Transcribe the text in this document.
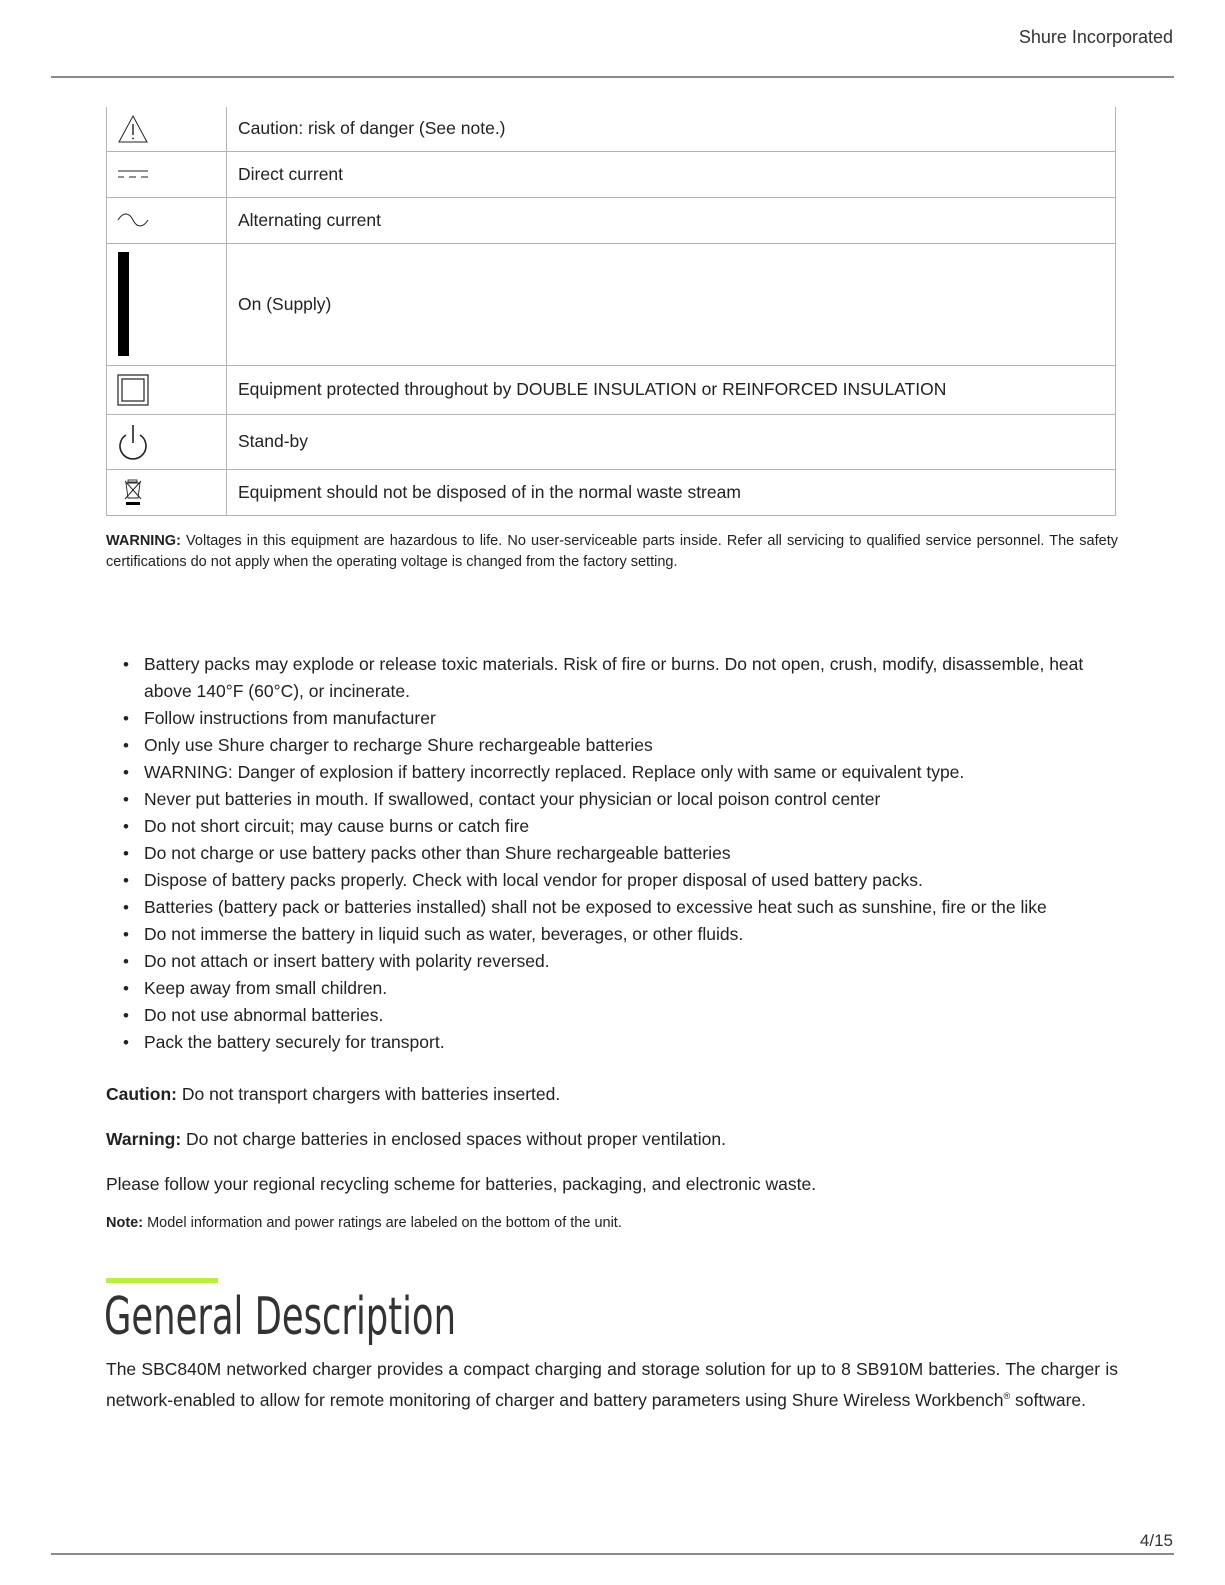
Shure Incorporated
	Caution: risk of danger (See note.)

	Direct current

	Alternating current

	On (Supply)

	Equipment protected throughout by DOUBLE INSULATION or REINFORCED INSULATION

	Stand-by

	Equipment should not be disposed of in the normal waste stream
WARNING: Voltages in this equipment are hazardous to life. No user-serviceable parts inside. Refer all servicing to qualified service personnel. The safety certifications do not apply when the operating voltage is changed from the factory setting.
• Battery packs may explode or release toxic materials. Risk of fire or burns. Do not open, crush, modify, disassemble, heat above 140°F (60°C), or incinerate.
• Follow instructions from manufacturer
• Only use Shure charger to recharge Shure rechargeable batteries
• WARNING: Danger of explosion if battery incorrectly replaced. Replace only with same or equivalent type.
• Never put batteries in mouth. If swallowed, contact your physician or local poison control center
• Do not short circuit; may cause burns or catch fire
• Do not charge or use battery packs other than Shure rechargeable batteries
• Dispose of battery packs properly. Check with local vendor for proper disposal of used battery packs.
• Batteries (battery pack or batteries installed) shall not be exposed to excessive heat such as sunshine, fire or the like
• Do not immerse the battery in liquid such as water, beverages, or other fluids.
• Do not attach or insert battery with polarity reversed.
• Keep away from small children.
• Do not use abnormal batteries.
• Pack the battery securely for transport.
Caution: Do not transport chargers with batteries inserted.
Warning: Do not charge batteries in enclosed spaces without proper ventilation.
Please follow your regional recycling scheme for batteries, packaging, and electronic waste.
Note: Model information and power ratings are labeled on the bottom of the unit.
General Description
The SBC840M networked charger provides a compact charging and storage solution for up to 8 SB910M batteries. The charger is network-enabled to allow for remote monitoring of charger and battery parameters using Shure Wireless Workbench® software.
4/15
